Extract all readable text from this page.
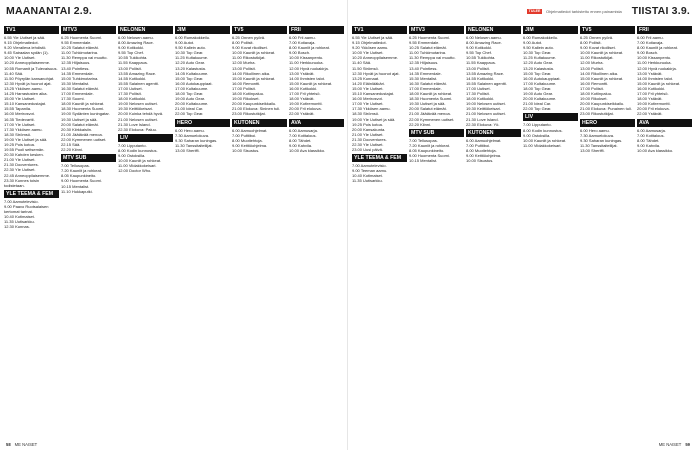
MAANANTAI 2.9.
TV1
6.55 Yle Uutiset ja sää.
9.15 Ohjelmatiedot.
9.20 Vieraileva lehdistö.
9.45 Sairaalan sydän (1).
10.00 Yle Uutiset.
10.20 Anneoppilaisemme.
10.55 Romanit ja Tulevaisuus.
11.40 Sää.
11.50 Pöyrylän kansanohjat.
12.30 Hyvät ja huonot ajat.
13.25 Ykkösen aamu.
14.25 Harrastusten aika.
15.00 Yle Uutiset.
15.10 Kansanedustajat.
15.55 Tapanila.
16.00 Merirosvot.
16.35 Tiedevartti.
17.00 Yle Uutiset.
17.30 Ykkösen aamu.
18.30 Strömsö.
19.00 Yle Uutiset ja sää.
19.25 Pois kotoa.
19.55 Puoli seitsemän.
20.30 Kahden kesken.
21.00 Yle Uutiset.
21.30 Docventures.
22.30 Yle Uutiset.
22.45 Anneoppilaisemme.
23.30 Kunnes toisin todistetaan.
YLE TEEMA & FEM
7.00 Aamutelevisio.
9.00 Paavo Ruotsalaisen kertomat tarinat.
10.40 Kotimaiset.
11.35 Uutisarkku.
12.30 Kunnas.
MTV3
6.25 Huomenta Suomi.
9.55 Emmerdale.
10.25 Salatut elämät.
11.00 Tuhkimotarina.
11.30 Remppa vai muutto.
12.35 Hiljaisuus.
13.40 Pointless.
14.35 Emmerdale.
15.00 Tuhkimotarina.
15.30 Mentalist.
16.30 Salatut elämät.
17.00 Emmerdale.
17.30 Suomi.
18.00 Kauniit ja rohkeat.
18.30 Huomenta Suomi.
19.00 Sydänten kuningatar.
19.30 Uutiset ja sää.
20.00 Salatut elämät.
20.30 Kiirkkaisiin.
21.00 Jäätävää menoa.
22.00 Kymmenen uutiset.
22.15 Sää.
22.20 Kiinni.
MTV SUB
7.00 Tellusopas.
7.20 Kauniit ja rohkeat.
8.05 Kaupunkineito.
9.00 Huomenta Suomi.
10.15 Mentalist.
11.10 Hukkaputki.
NELONEN
6.00 Nelosen aamu.
8.00 Amazing Race.
9.00 Kotikokki.
9.55 Top Chef.
10.55 Tukikohta.
11.55 Kaappaus.
13.00 Poliisit.
13.55 Amazing Race.
14.55 Kotikokki.
15.55 Salainen agentti.
17.00 Uutiset.
17.30 Poliisit.
18.00 Kotikokki.
19.00 Nelosen uutiset.
19.30 Keittiökeisari.
20.00 Kuinka tehdä hyvä.
21.00 Nelosen uutiset.
21.30 Love Island.
22.30 Elokuva: Paluu.
LIV
7.00 Lipputanto.
8.00 Kodin kunnostus.
9.00 Ostoksilla.
10.00 Kauniit ja rohkeat.
11.00 Viidakkokeisari.
12.00 Doctor Who.
JIM
6.00 Rumakokkeilu.
9.00 Autot.
9.50 Kallein auto.
10.30 Top Gear.
11.25 Kultakuume.
12.20 Auto Gear.
13.20 Kalastusta.
14.05 Kultakuume.
15.00 Top Gear.
16.00 Autokauppiaat.
17.00 Kultakuume.
18.00 Top Gear.
19.00 Auto Gear.
20.00 Kultakuume.
21.00 Ideal Car.
22.00 Top Gear.
HERO
6.00 Hero aamu.
7.30 Aamuelokuva.
9.30 Saharan kuningas.
11.30 Tanssitaiteilijat.
13.00 Sheriffi.
TV5
6.25 Onnen pyörä.
8.00 Poliisit.
9.00 Kovat rikolliset.
10.00 Kauniit ja rohkeat.
11.00 Rikostutkijat.
12.00 Murha.
13.00 Poliisit.
14.00 Rikollinen aika.
15.00 Kauniit ja rohkeat.
16.00 Remontti.
17.00 Poliisit.
18.00 Kotiinpaluu.
19.00 Rikokset.
20.00 Kaupunkiseikkailu.
21.00 Elokuva: Sininen tuli.
23.00 Rikostutkijat.
KUTONEN
6.00 Aamuohjelmat.
7.00 Pulttiboi.
8.00 Muotiehtoja.
9.00 Keittiöohjelma.
10.00 Sisustus.
FRII
6.00 Frii aamu.
7.00 Kotiavaja.
8.00 Kauniit ja rohkeat.
9.00 Bosch.
10.00 Kissanpentu.
11.00 Herkkuruoka.
12.00 Hyvä ruokakirja.
13.00 Ystävät.
14.00 Ihmisten talot.
15.00 Kauniit ja rohkeat.
16.00 Kotikokki.
17.00 Frii yhteisö.
18.00 Ystävät.
19.00 Kotiremontti.
20.00 Frii elokuva.
22.00 Ystävät.
AVA
6.00 Aamusarja.
7.00 Kotitalous.
8.00 Tähdet.
9.00 Kahvila.
10.00 Ava klassikko.
58 ME NAISET
TULEE	Ohjelmatiedot tarkistettu ennen painamista TIISTAI 3.9.
TV1
6.55 Yle Uutiset ja sää.
9.15 Ohjelmatiedot.
9.20 Ykkösen aamu.
10.00 Yle Uutiset.
10.20 Anneoppilaisemme.
11.40 Sää.
11.50 Strömsö.
12.30 Hyvät ja huonot ajat.
13.25 Kunnaat.
14.20 Eläinlääkäri.
15.00 Yle Uutiset.
15.10 Kansanedustajat.
16.00 Merirosvot.
17.00 Yle Uutiset.
17.30 Ykkösen aamu.
18.30 Strömsö.
19.00 Yle Uutiset ja sää.
19.25 Pois kotoa.
20.00 Kansakunta.
21.00 Yle Uutiset.
21.30 Docventures.
22.30 Yle Uutiset.
23.00 Uusi päivä.
YLE TEEMA & FEM
7.00 Aamutelevisio.
9.00 Teeman aamu.
10.40 Kotimaiset.
11.35 Uutisarkku.
MTV3
6.25 Huomenta Suomi.
9.55 Emmerdale.
10.25 Salatut elämät.
11.00 Tuhkimotarina.
11.30 Remppa vai muutto.
12.35 Hiljaisuus.
13.40 Pointless.
14.35 Emmerdale.
15.30 Mentalist.
16.30 Salatut elämät.
17.00 Emmerdale.
18.00 Kauniit ja rohkeat.
18.30 Huomenta Suomi.
19.30 Uutiset ja sää.
20.00 Salatut elämät.
21.00 Jäätävää menoa.
22.00 Kymmenen uutiset.
22.20 Kiinni.
MTV SUB
7.00 Tellusopas.
7.20 Kauniit ja rohkeat.
8.05 Kaupunkineito.
9.00 Huomenta Suomi.
10.15 Mentalist.
NELONEN
6.00 Nelosen aamu.
8.00 Amazing Race.
9.00 Kotikokki.
9.55 Top Chef.
10.55 Tukikohta.
11.55 Kaappaus.
13.00 Poliisit.
13.55 Amazing Race.
14.55 Kotikokki.
15.55 Salainen agentti.
17.00 Uutiset.
17.30 Poliisit.
18.00 Kotikokki.
19.00 Nelosen uutiset.
19.30 Keittiökeisari.
21.00 Nelosen uutiset.
21.30 Love Island.
22.30 Elokuva: Yö.
KUTONEN
6.00 Aamuohjelmat.
7.00 Pulttiboi.
8.00 Muotiehtoja.
9.00 Keittiöohjelma.
10.00 Sisustus.
JIM
6.00 Rumakokkeilu.
9.00 Autot.
9.50 Kallein auto.
10.30 Top Gear.
11.25 Kultakuume.
12.20 Auto Gear.
13.20 Kalastusta.
15.00 Top Gear.
16.00 Autokauppiaat.
17.00 Kultakuume.
18.00 Top Gear.
19.00 Auto Gear.
20.00 Kultakuume.
21.00 Ideal Car.
22.00 Top Gear.
LIV
7.00 Lipputanto.
8.00 Kodin kunnostus.
9.00 Ostoksilla.
10.00 Kauniit ja rohkeat.
11.00 Viidakkokeisari.
TV5
6.25 Onnen pyörä.
8.00 Poliisit.
9.00 Kovat rikolliset.
10.00 Kauniit ja rohkeat.
11.00 Rikostutkijat.
12.00 Murha.
13.00 Poliisit.
14.00 Rikollinen aika.
15.00 Kauniit ja rohkeat.
16.00 Remontti.
17.00 Poliisit.
18.00 Kotiinpaluu.
19.00 Rikokset.
20.00 Kaupunkiseikkailu.
21.00 Elokuva: Punainen tuli.
23.00 Rikostutkijat.
HERO
6.00 Hero aamu.
7.30 Aamuelokuva.
9.30 Saharan kuningas.
11.30 Tanssitaiteilijat.
13.00 Sheriffi.
FRII
6.00 Frii aamu.
7.00 Kotiavaja.
8.00 Kauniit ja rohkeat.
9.00 Bosch.
10.00 Kissanpentu.
11.00 Herkkuruoka.
12.00 Hyvä ruokakirja.
13.00 Ystävät.
14.00 Ihmisten talot.
15.00 Kauniit ja rohkeat.
16.00 Kotikokki.
17.00 Frii yhteisö.
18.00 Ystävät.
19.00 Kotiremontti.
20.00 Frii elokuva.
22.00 Ystävät.
AVA
6.00 Aamusarja.
7.00 Kotitalous.
8.00 Tähdet.
9.00 Kahvila.
10.00 Ava klassikko.
ME NAISET 59
